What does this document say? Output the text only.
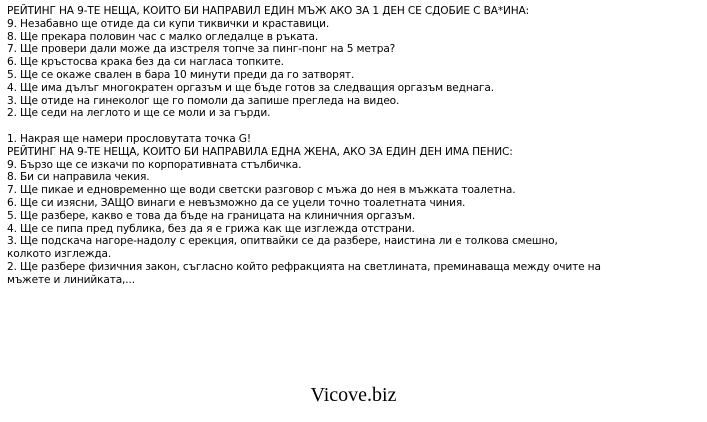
РЕЙТИНГ НА 9-ТЕ НЕЩА, КОИТО БИ НАПРАВИЛ ЕДИН МЪЖ АКО ЗА 1 ДЕН СЕ СДОБИЕ С ВА*ИНА:
9. Незабавно ще отиде да си купи тиквички и краставици.
8. Ще прекара половин час с малко огледалце в ръката.
7. Ще провери дали може да изстреля топче за пинг-понг на 5 метра?
6. Ще кръстосва крака без да си нагласа топките.
5. Ще се окаже свален в бара 10 минути преди да го затворят.
4. Ще има дълъг многократен оргазъм и ще бъде готов за следващия оргазъм веднага.
3. Ще отиде на гинеколог ще го помоли да запише прегледа на видео.
2. Ще седи на леглото и ще се моли и за гърди.
1. Накрая ще намери прословутата точка G!
РЕЙТИНГ НА 9-ТЕ НЕЩА, КОИТО БИ НАПРАВИЛА ЕДНА ЖЕНА, АКО ЗА ЕДИН ДЕН ИМА ПЕНИС:
9. Бързо ще се изкачи по корпоративната стълбичка.
8. Би си направила чекия.
7. Ще пикае и едновременно ще води светски разговор с мъжа до нея в мъжката тоалетна.
6. Ще си изясни, ЗАЩО винаги е невъзможно да се уцели точно тоалетната чиния.
5. Ще разбере, какво е това да бъде на границата на клиничния оргазъм.
4. Ще се пипа пред публика, без да я е грижа как ще изглежда отстрани.
3. Ще подскача нагоре-надолу с ерекция, опитвайки се да разбере, наистина ли е толкова смешно, колкото изглежда.
2. Ще разбере физичния закон, съгласно който рефракцията на светлината, преминаваща между очите на мъжете и линийката,...
Vicove.biz
